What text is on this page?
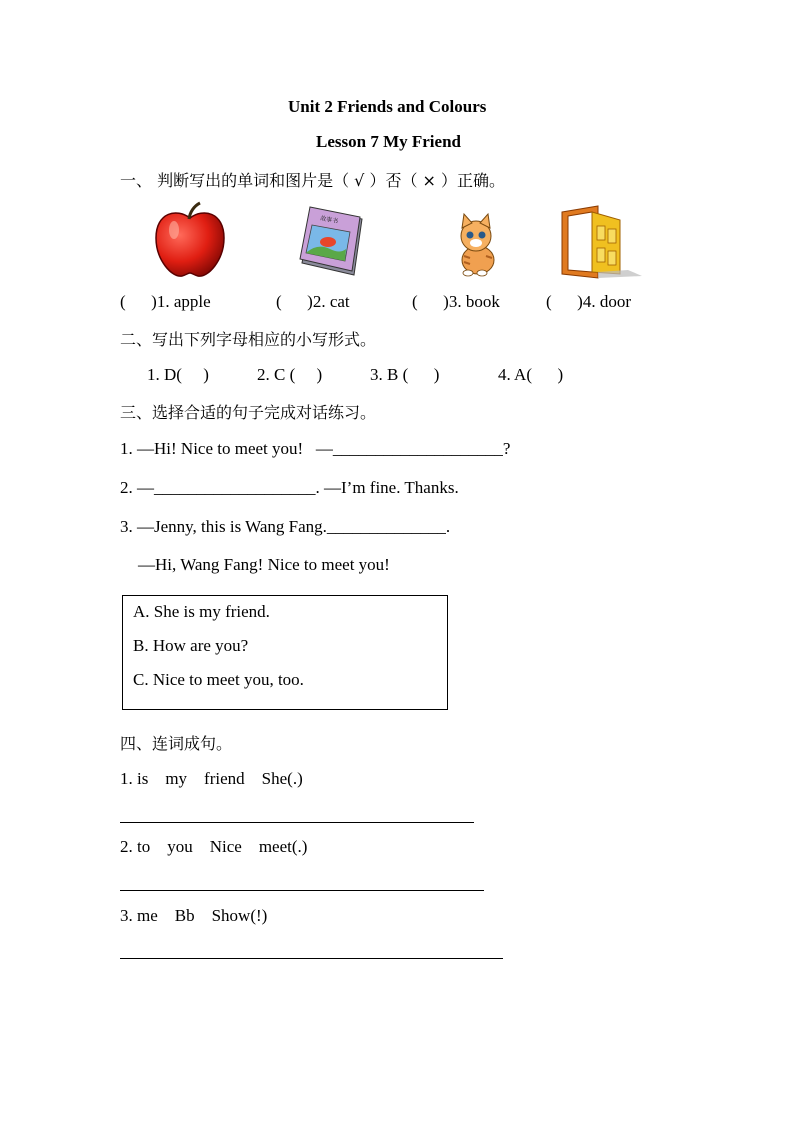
Unit 2 Friends and Colours
Lesson 7 My Friend
一、 判断写出的单词和图片是（ √ ）否（ × ）正确。
故事书
(      )1. apple	(      )2. cat	(      )3. book	(      )4. door
二、写出下列字母相应的小写形式。
1. D(     )	2. C (     )	3. B (      )	4. A(      )
三、选择合适的句子完成对话练习。
1. —Hi! Nice to meet you!   —____________________?
2. —___________________. —I’m fine. Thanks.
3. —Jenny, this is Wang Fang.______________.
—Hi, Wang Fang! Nice to meet you!
A. She is my friend.
B. How are you?
C. Nice to meet you, too.
四、连词成句。
1. is    my    friend    She(.)
2. to    you    Nice    meet(.)
3. me    Bb    Show(!)
